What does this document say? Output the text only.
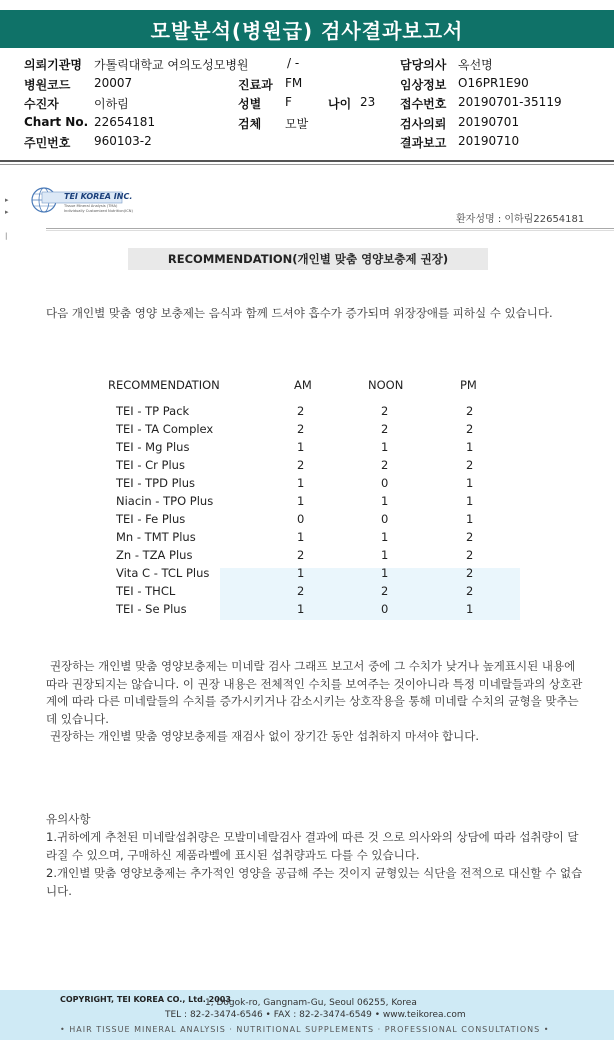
모발분석(병원급) 검사결과보고서
의뢰기관명 가톨릭대학교 여의도성모병원	/ -	담당의사 옥선명
병원코드 20007	진료과 FM	임상정보 O16PR1E90
수진자	이하림	성별 F	나이 23 접수번호 20190701-35119
Chart No. 22654181	검체 모발	검사의뢰 20190701
주민번호 960103-2	결과보고 20190710
▸
▸
|
TEI KOREA INC.
Tissue Mineral Analysis (TMA)
Individually Customized Nutrition(ICN)
환자성명 : 이하림22654181
RECOMMENDATION(개인별 맞춤 영양보충제 권장)
다음 개인별 맞춤 영양 보충제는 음식과 함께 드셔야 흡수가 증가되며 위장장애를 피하실 수 있습니다.
RECOMMENDATION	AM	NOON	PM
TEI - TP Pack	2	2	2
TEI - TA Complex	2	2	2
TEI - Mg Plus	1	1	1
TEI - Cr Plus	2	2	2
TEI - TPD Plus	1	0	1
Niacin - TPO Plus	1	1	1
TEI - Fe Plus	0	0	1
Mn - TMT Plus	1	1	2
Zn - TZA Plus	2	1	2
Vita C - TCL Plus	1	1	2
TEI - THCL	2	2	2
TEI - Se Plus	1	0	1
권장하는 개인별 맞춤 영양보충제는 미네랄 검사 그래프 보고서 중에 그 수치가 낮거나 높게표시된 내용에 따라 권장되지는 않습니다. 이 권장 내용은 전체적인 수치를 보여주는 것이아니라 특정 미네랄들과의 상호관계에 따라 다른 미네랄들의 수치를 증가시키거나 감소시키는 상호작용을 통해 미네랄 수치의 균형을 맞추는데 있습니다.
권장하는 개인별 맞춤 영양보충제를 재검사 없이 장기간 동안 섭취하지 마셔야 합니다.
유의사항
1.귀하에게 추천된 미네랄섭취량은 모발미네랄검사 결과에 따른 것 으로 의사와의 상담에 따라 섭취량이 달라질 수 있으며, 구매하신 제품라벨에 표시된 섭취량과도 다를 수 있습니다.
2.개인별 맞춤 영양보충제는 추가적인 영양을 공급해 주는 것이지 균형있는 식단을 전적으로 대신할 수 없습니다.
COPYRIGHT, TEI KOREA CO., Ltd. 2003
1, Dogok-ro, Gangnam-Gu, Seoul 06255, Korea
TEL : 82-2-3474-6546 • FAX : 82-2-3474-6549 • www.teikorea.com
• HAIR TISSUE MINERAL ANALYSIS · NUTRITIONAL SUPPLEMENTS · PROFESSIONAL CONSULTATIONS •
